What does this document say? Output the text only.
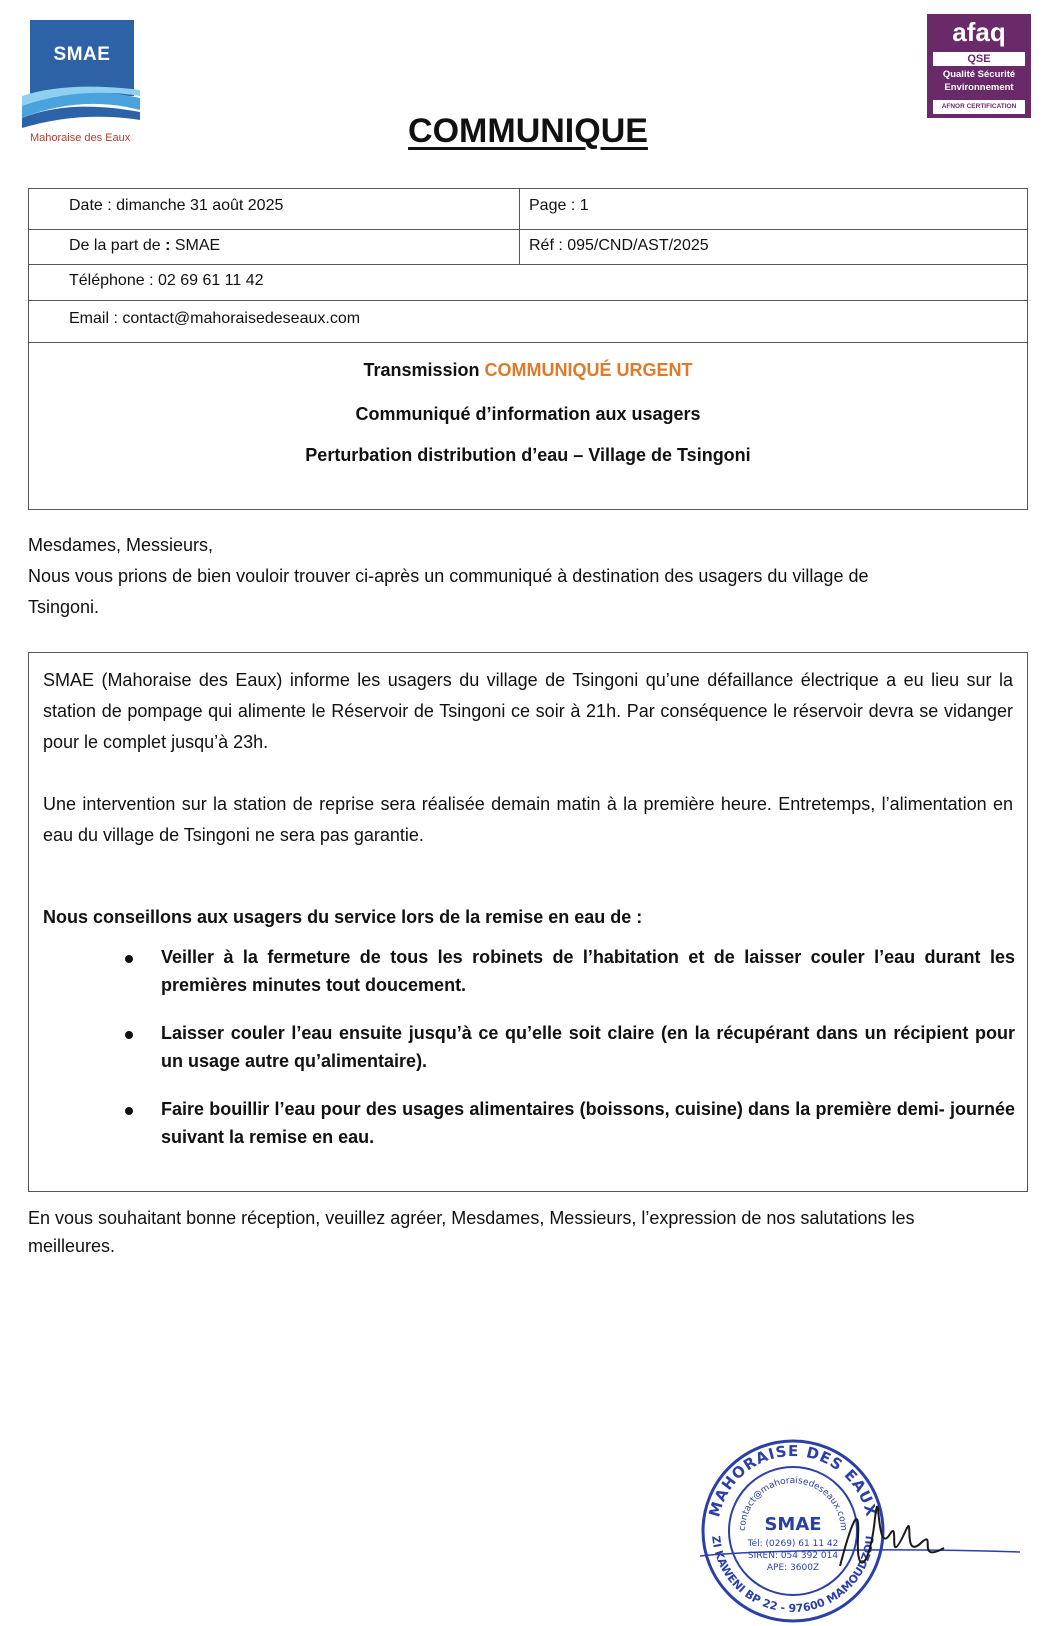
SMAE
Mahoraise des Eaux
afaq
QSE
Qualité Sécurité
Environnement
AFNOR CERTIFICATION
COMMUNIQUE
Date : dimanche 31 août 2025	Page : 1
De la part de : SMAE	Réf : 095/CND/AST/2025
Téléphone : 02 69 61 11 42
Email : contact@mahoraisedeseaux.com
Transmission COMMUNIQUÉ URGENT
Communiqué d’information aux usagers
Perturbation distribution d’eau – Village de Tsingoni
Mesdames, Messieurs,
Nous vous prions de bien vouloir trouver ci-après un communiqué à destination des usagers du village de
Tsingoni.
SMAE (Mahoraise des Eaux) informe les usagers du village de Tsingoni qu’une défaillance électrique a eu lieu sur la station de pompage qui alimente le Réservoir de Tsingoni ce soir à 21h. Par conséquence le réservoir devra se vidanger pour le complet jusqu’à 23h.
Une intervention sur la station de reprise sera réalisée demain matin à la première heure. Entretemps, l’alimentation en eau du village de Tsingoni ne sera pas garantie.
Nous conseillons aux usagers du service lors de la remise en eau de :
Veiller à la fermeture de tous les robinets de l’habitation et de laisser couler l’eau durant les premières minutes tout doucement.
Laisser couler l’eau ensuite jusqu’à ce qu’elle soit claire (en la récupérant dans un récipient pour un usage autre qu’alimentaire).
Faire bouillir l’eau pour des usages alimentaires (boissons, cuisine) dans la première demi- journée suivant la remise en eau.
En vous souhaitant bonne réception, veuillez agréer, Mesdames, Messieurs, l’expression de nos salutations les
meilleures.
MAHORAISE DES EAUX
ZI KAWENI BP 22 - 97600 MAMOUDZOU
contact@mahoraisedeseaux.com
SMAE
Tél: (0269) 61 11 42
SIREN: 054 392 014
APE: 3600Z
